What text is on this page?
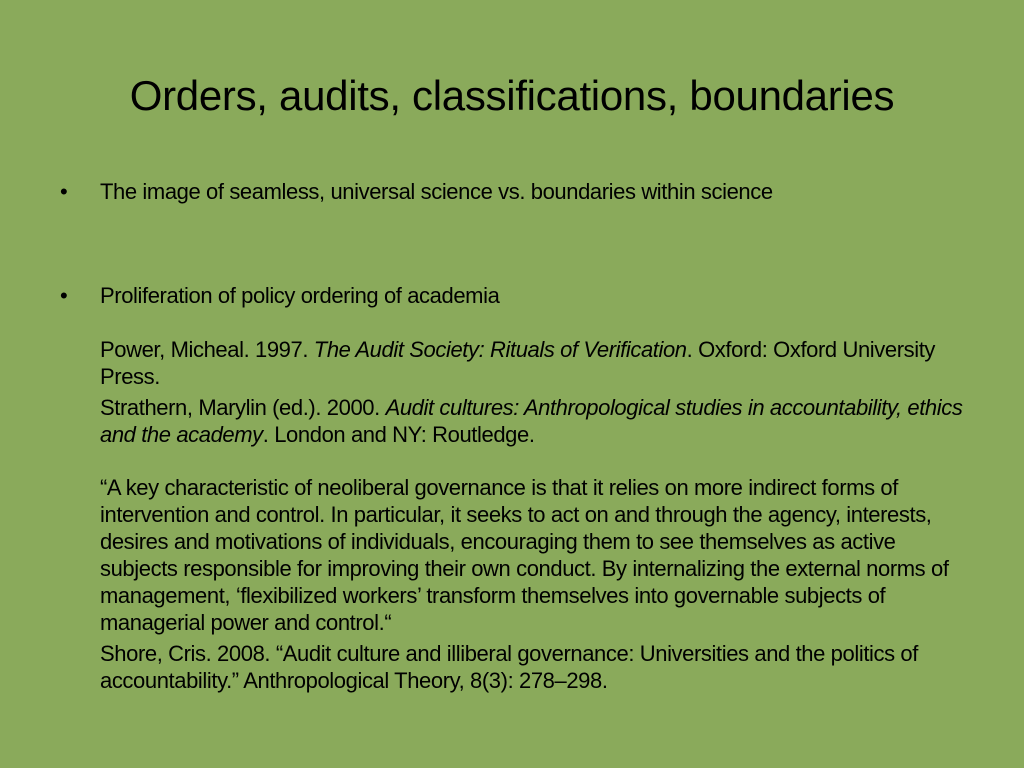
Orders, audits, classifications, boundaries
• The image of seamless, universal science vs. boundaries within science
• Proliferation of policy ordering of academia
Power, Micheal. 1997. The Audit Society: Rituals of Verification. Oxford: Oxford University Press.
Strathern, Marylin (ed.). 2000. Audit cultures: Anthropological studies in accountability, ethics and the academy. London and NY: Routledge.
“A key characteristic of neoliberal governance is that it relies on more indirect forms of intervention and control. In particular, it seeks to act on and through the agency, interests, desires and motivations of individuals, encouraging them to see themselves as active subjects responsible for improving their own conduct. By internalizing the external norms of management, ‘flexibilized workers’ transform themselves into governable subjects of managerial power and control.“
Shore, Cris. 2008. “Audit culture and illiberal governance: Universities and the politics of accountability.” Anthropological Theory, 8(3): 278–298.
